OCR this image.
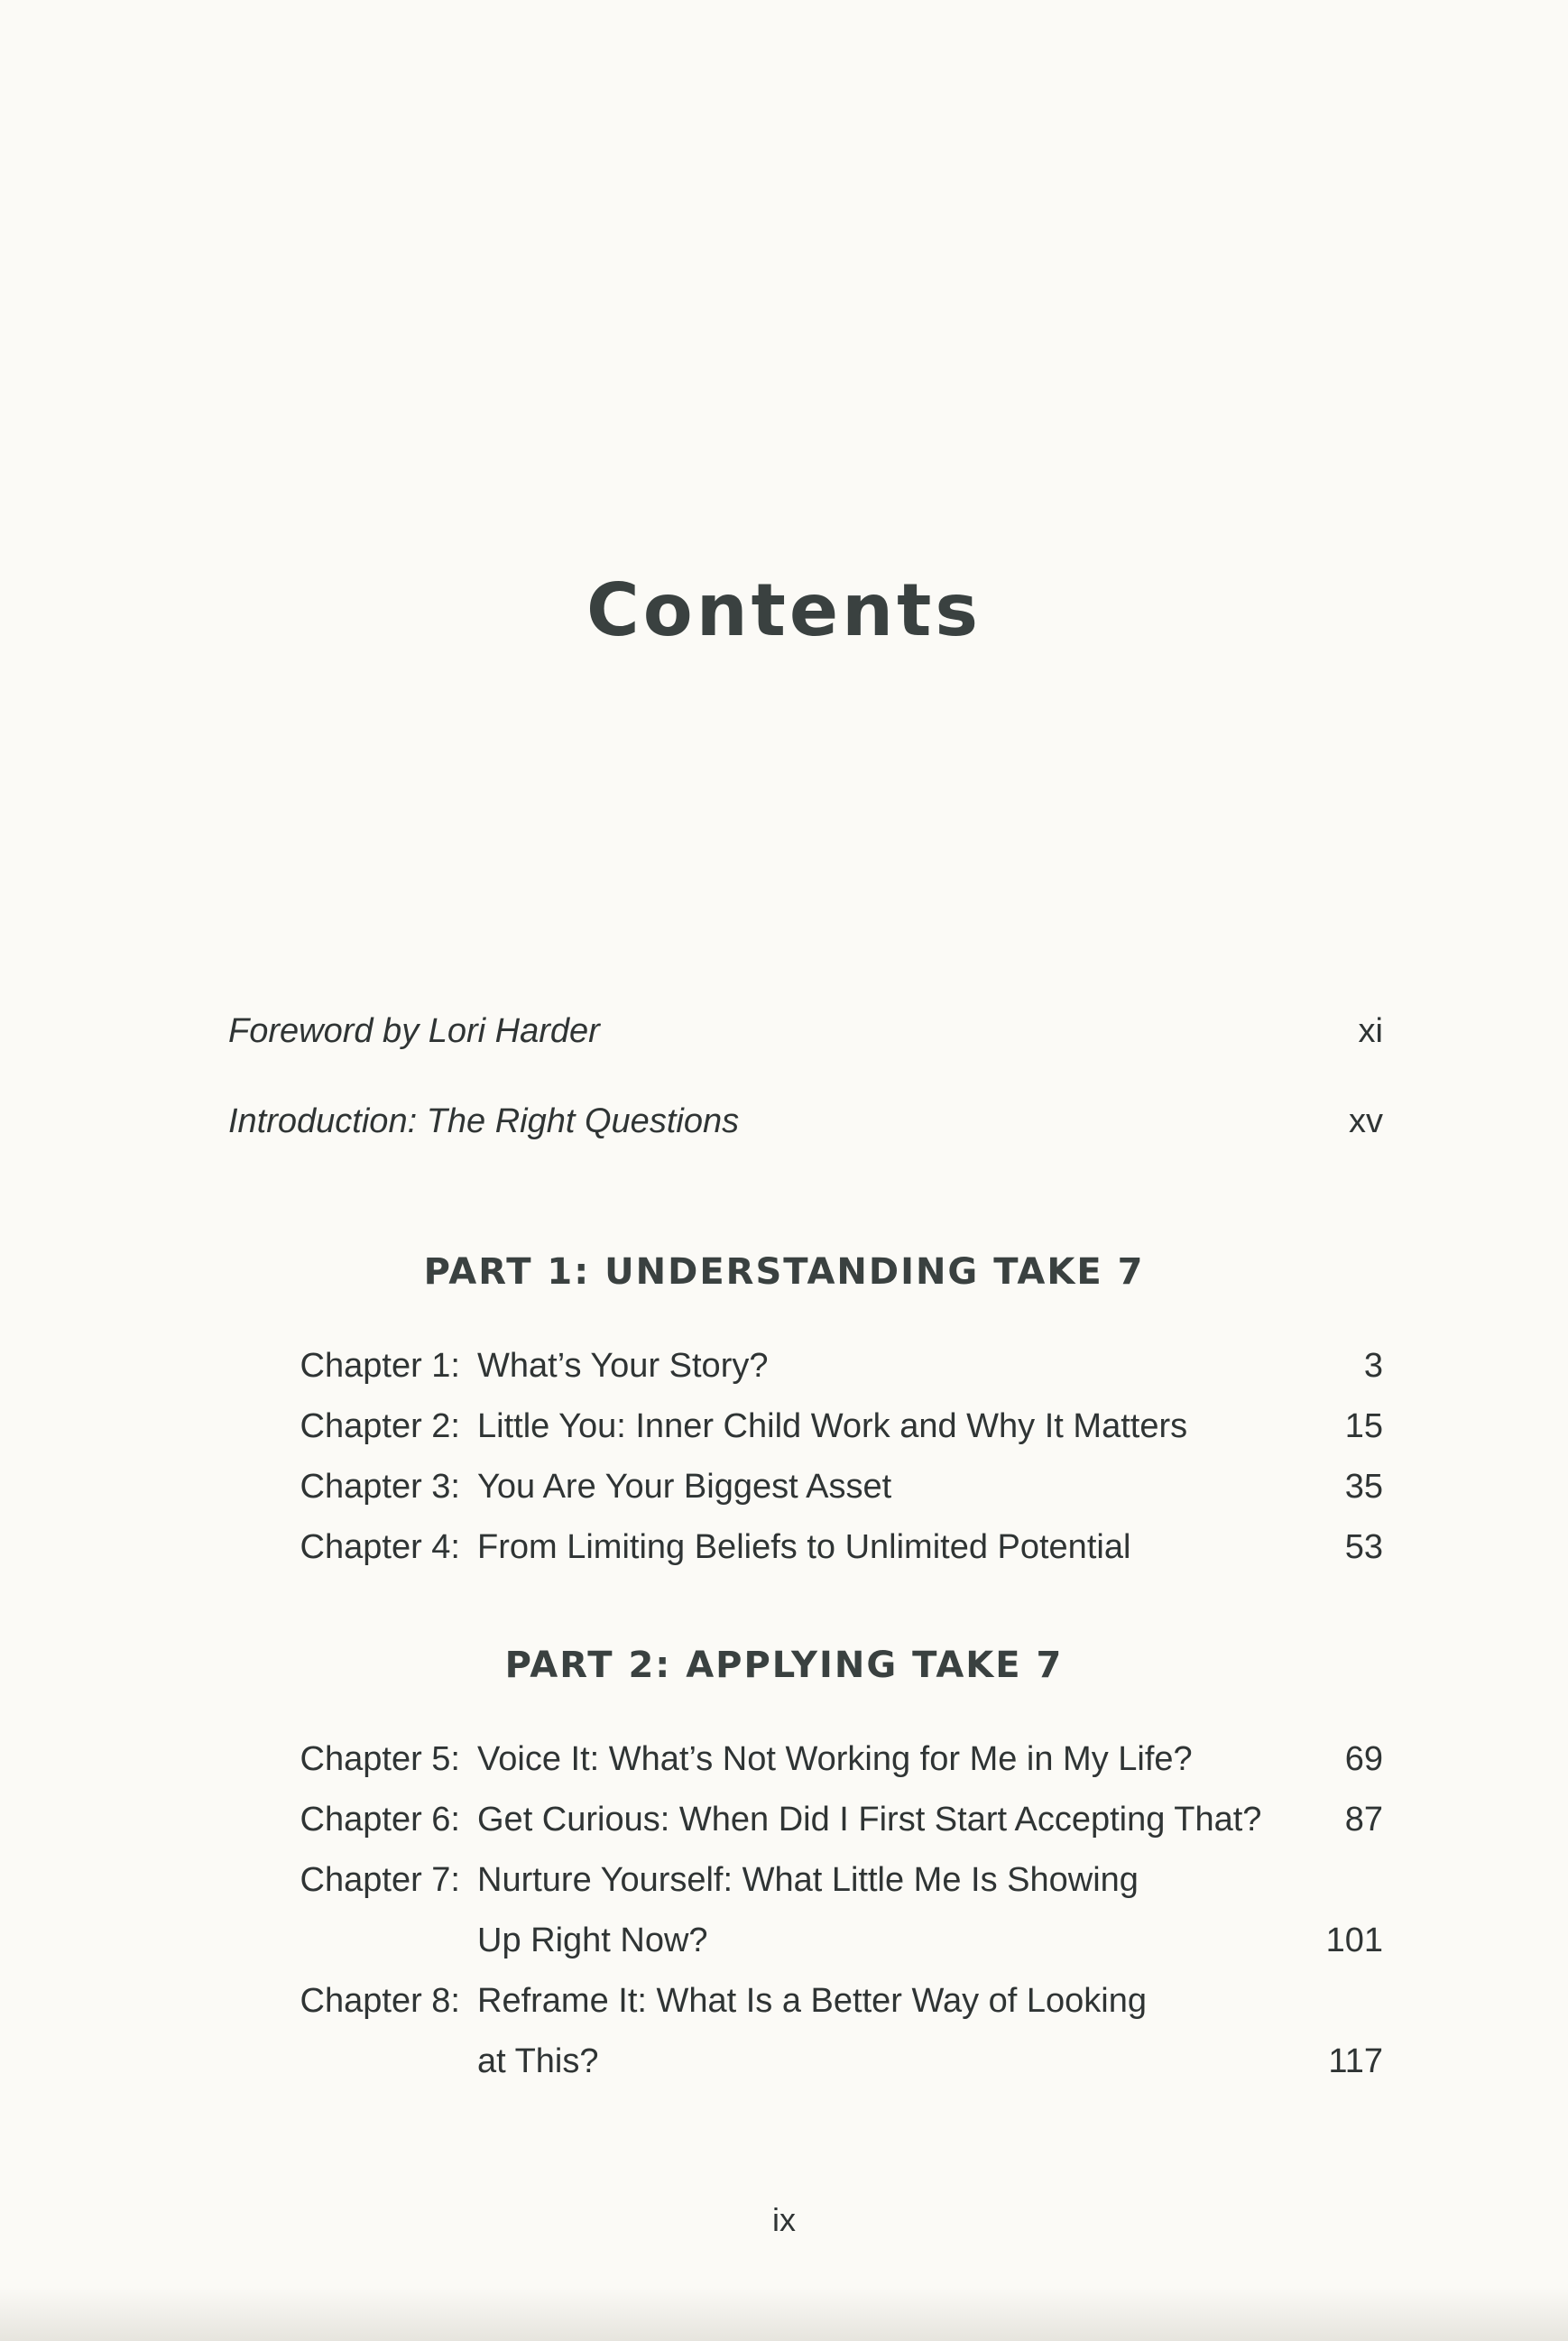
Contents
Foreword by Lori Harder	xi
Introduction: The Right Questions	xv
PART 1: UNDERSTANDING TAKE 7
Chapter 1: What’s Your Story?	3
Chapter 2: Little You: Inner Child Work and Why It Matters	15
Chapter 3: You Are Your Biggest Asset	35
Chapter 4: From Limiting Beliefs to Unlimited Potential	53
PART 2: APPLYING TAKE 7
Chapter 5: Voice It: What’s Not Working for Me in My Life?	69
Chapter 6: Get Curious: When Did I First Start Accepting That? 87
Chapter 7: Nurture Yourself: What Little Me Is Showing
Up Right Now?	101
Chapter 8: Reframe It: What Is a Better Way of Looking
at This?	117
ix
